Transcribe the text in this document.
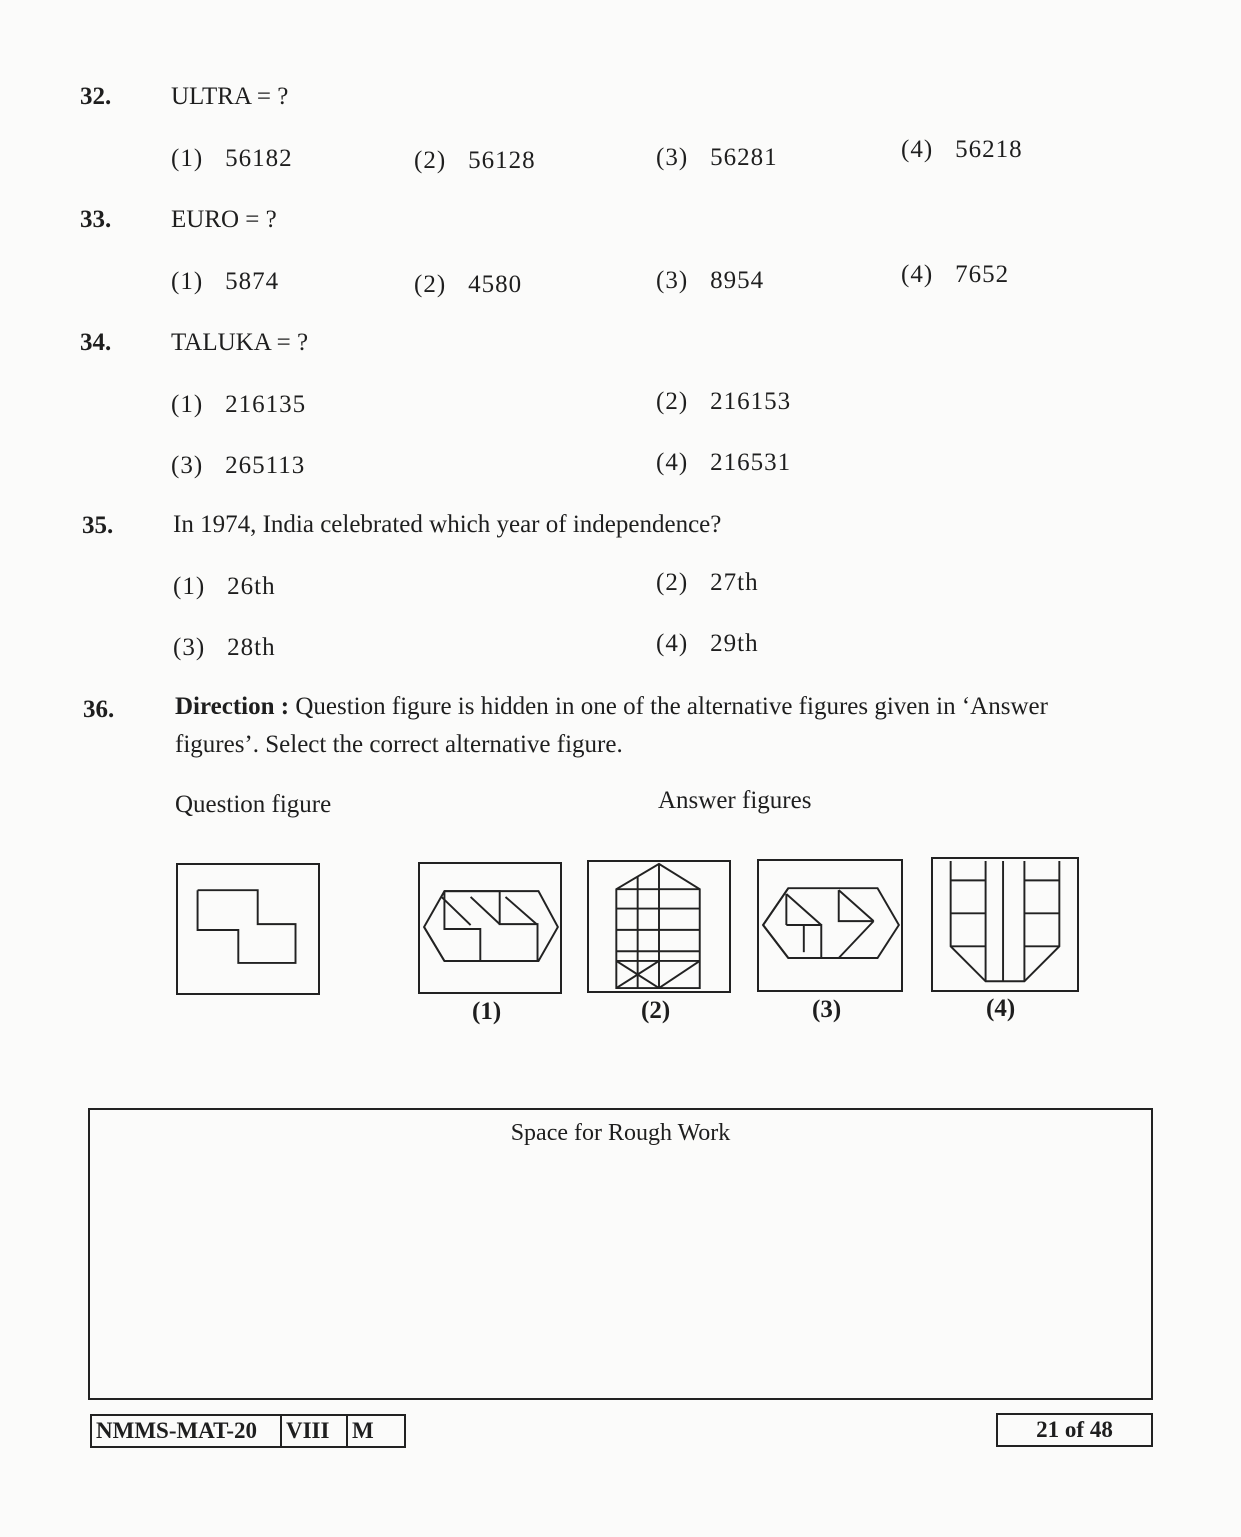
32. ULTRA = ?
(1) 56182	(2) 56128	(3) 56281	(4) 56218
33. EURO = ?
(1) 5874	(2) 4580	(3) 8954	(4) 7652
34. TALUKA = ?
(1) 216135	(2) 216153
(3) 265113	(4) 216531
35. In 1974, India celebrated which year of independence?
(1) 26th	(2) 27th
(3) 28th	(4) 29th
36. Direction : Question figure is hidden in one of the alternative figures given in ‘Answer
figures’. Select the correct alternative figure.
Question figure	Answer figures
(1)	(2)	(3)	(4)
Space for Rough Work
NMMS-MAT-20	VIII M	21 of 48
